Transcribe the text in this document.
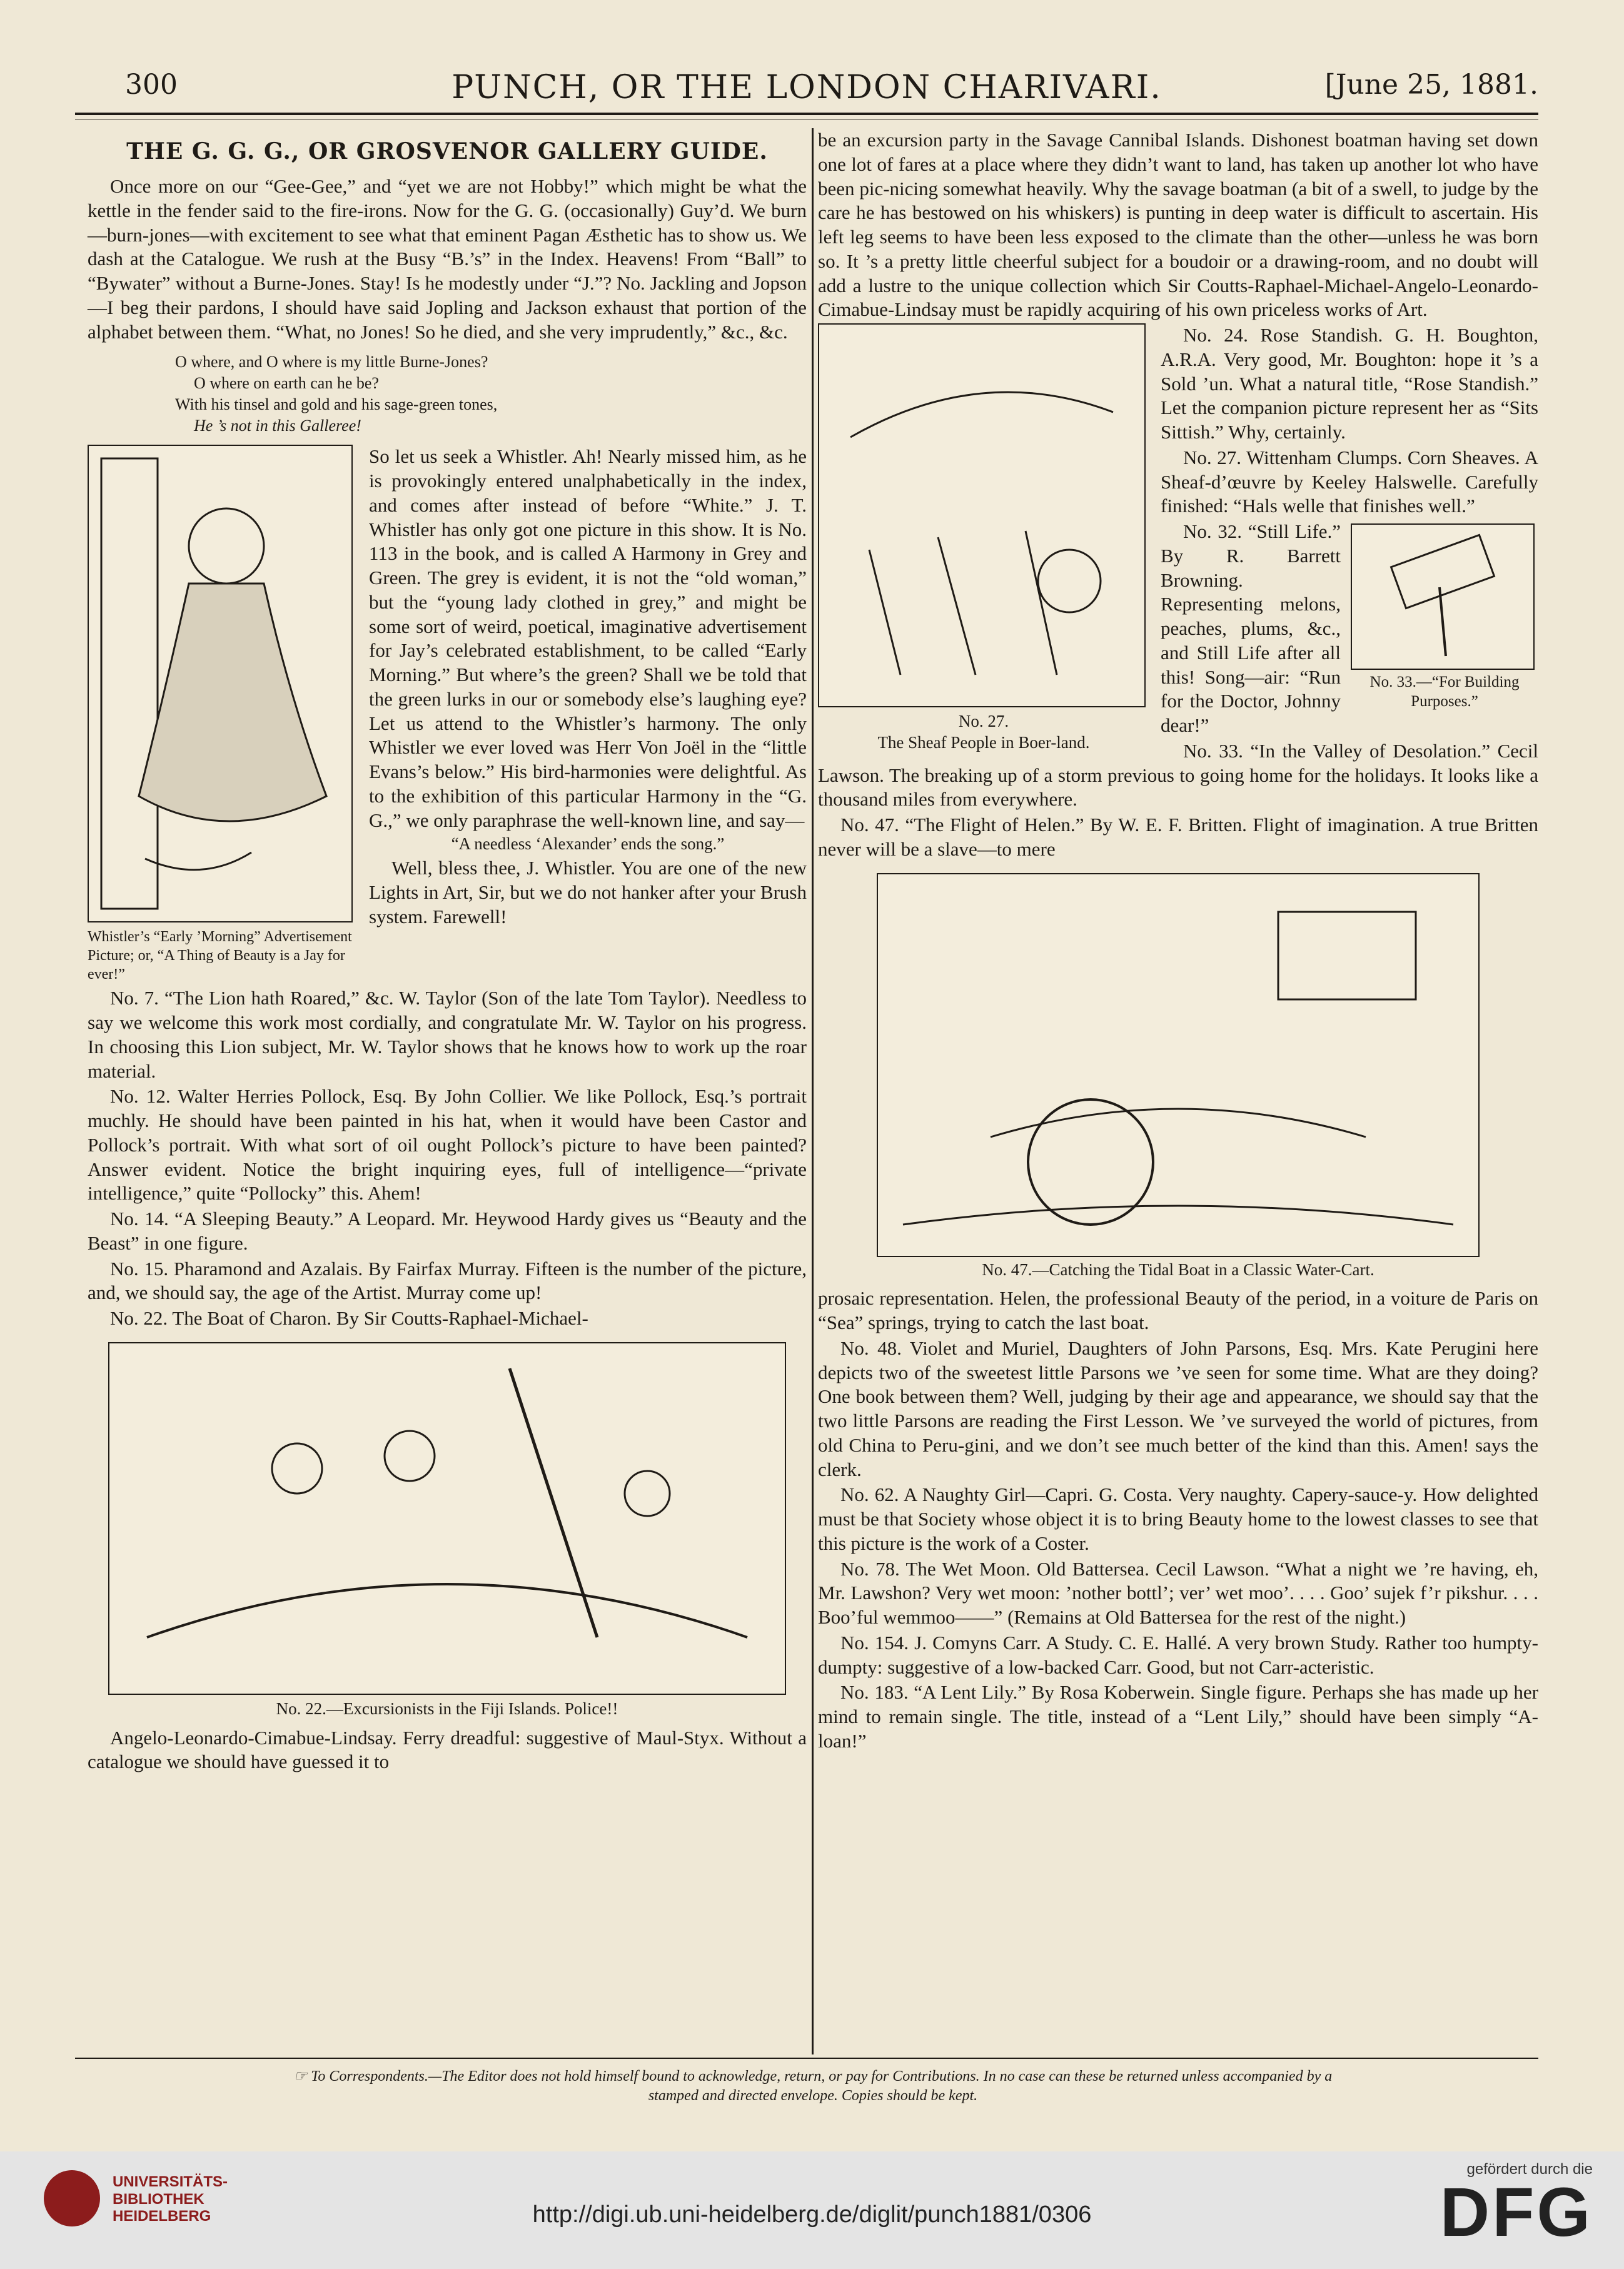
300	PUNCH, OR THE LONDON CHARIVARI.	[June 25, 1881.
THE G. G. G., OR GROSVENOR GALLERY GUIDE.

Once more on our “Gee-Gee,” and “yet we are not Hobby!” which might be what the kettle in the fender said to the fire-irons. Now for the G. G. (occasionally) Guy’d. We burn—burn-jones—with excitement to see what that eminent Pagan Æsthetic has to show us. We dash at the Catalogue. We rush at the Busy “B.’s” in the Index. Heavens! From “Ball” to “Bywater” without a Burne-Jones. Stay! Is he modestly under “J.”? No. Jackling and Jopson—I beg their pardons, I should have said Jopling and Jackson exhaust that portion of the alphabet between them. “What, no Jones! So he died, and she very imprudently,” &c., &c.

O where, and O where is my little Burne-Jones?
O where on earth can he be?
With his tinsel and gold and his sage-green tones,
He ’s not in this Galleree!
Whistler’s “Early ’Morning” Advertisement Picture; or, “A Thing of Beauty is a Jay for ever!”

So let us seek a Whistler. Ah! Nearly missed him, as he is provokingly entered unalphabetically in the index, and comes after instead of before “White.” J. T. Whistler has only got one picture in this show. It is No. 113 in the book, and is called A Harmony in Grey and Green. The grey is evident, it is not the “old woman,” but the “young lady clothed in grey,” and might be some sort of weird, poetical, imaginative advertisement for Jay’s celebrated establishment, to be called “Early Morning.” But where’s the green? Shall we be told that the green lurks in our or somebody else’s laughing eye? Let us attend to the Whistler’s harmony. The only Whistler we ever loved was Herr Von Joël in the “little Evans’s below.” His bird-harmonies were delightful. As to the exhibition of this particular Harmony in the “G. G.,” we only paraphrase the well-known line, and say—

“A needless ‘Alexander’ ends the song.”

Well, bless thee, J. Whistler. You are one of the new Lights in Art, Sir, but we do not hanker after your Brush system. Farewell!

No. 7. “The Lion hath Roared,” &c. W. Taylor (Son of the late Tom Taylor). Needless to say we welcome this work most cordially, and congratulate Mr. W. Taylor on his progress. In choosing this Lion subject, Mr. W. Taylor shows that he knows how to work up the roar material.

No. 12. Walter Herries Pollock, Esq. By John Collier. We like Pollock, Esq.’s portrait muchly. He should have been painted in his hat, when it would have been Castor and Pollock’s portrait. With what sort of oil ought Pollock’s picture to have been painted? Answer evident. Notice the bright inquiring eyes, full of intelligence—“private intelligence,” quite “Pollocky” this. Ahem!

No. 14. “A Sleeping Beauty.” A Leopard. Mr. Heywood Hardy gives us “Beauty and the Beast” in one figure.

No. 15. Pharamond and Azalais. By Fairfax Murray. Fifteen is the number of the picture, and, we should say, the age of the Artist. Murray come up!

No. 22. The Boat of Charon. By Sir Coutts-Raphael-Michael-

No. 22.—Excursionists in the Fiji Islands. Police!!

Angelo-Leonardo-Cimabue-Lindsay. Ferry dreadful: suggestive of Maul-Styx. Without a catalogue we should have guessed it to

be an excursion party in the Savage Cannibal Islands. Dishonest boatman having set down one lot of fares at a place where they didn’t want to land, has taken up another lot who have been pic-nicing somewhat heavily. Why the savage boatman (a bit of a swell, to judge by the care he has bestowed on his whiskers) is punting in deep water is difficult to ascertain. His left leg seems to have been less exposed to the climate than the other—unless he was born so. It ’s a pretty little cheerful subject for a boudoir or a drawing-room, and no doubt will add a lustre to the unique collection which Sir Coutts-Raphael-Michael-Angelo-Leonardo-Cimabue-Lindsay must be rapidly acquiring of his own priceless works of Art.

No. 27.
The Sheaf People in Boer-land.

No. 24. Rose Standish. G. H. Boughton, A.R.A. Very good, Mr. Boughton: hope it ’s a Sold ’un. What a natural title, “Rose Standish.” Let the companion picture represent her as “Sits Sittish.” Why, certainly.

No. 27. Wittenham Clumps. Corn Sheaves. A Sheaf-d’œuvre by Keeley Halswelle. Carefully finished: “Hals welle that finishes well.”

No. 33.—“For Building Purposes.”

No. 32. “Still Life.” By R. Barrett Browning. Representing melons, peaches, plums, &c., and Still Life after all this! Song—air: “Run for the Doctor, Johnny dear!”

No. 33. “In the Valley of Desolation.” Cecil Lawson. The breaking up of a storm previous to going home for the holidays. It looks like a thousand miles from everywhere.

No. 47. “The Flight of Helen.” By W. E. F. Britten. Flight of imagination. A true Britten never will be a slave—to mere

No. 47.—Catching the Tidal Boat in a Classic Water-Cart.

prosaic representation. Helen, the professional Beauty of the period, in a voiture de Paris on “Sea” springs, trying to catch the last boat.

No. 48. Violet and Muriel, Daughters of John Parsons, Esq. Mrs. Kate Perugini here depicts two of the sweetest little Parsons we ’ve seen for some time. What are they doing? One book between them? Well, judging by their age and appearance, we should say that the two little Parsons are reading the First Lesson. We ’ve surveyed the world of pictures, from old China to Peru-gini, and we don’t see much better of the kind than this. Amen! says the clerk.

No. 62. A Naughty Girl—Capri. G. Costa. Very naughty. Capery-sauce-y. How delighted must be that Society whose object it is to bring Beauty home to the lowest classes to see that this picture is the work of a Coster.

No. 78. The Wet Moon. Old Battersea. Cecil Lawson. “What a night we ’re having, eh, Mr. Lawshon? Very wet moon: ’nother bottl’; ver’ wet moo’. . . . Goo’ sujek f’r pikshur. . . . Boo’ful wemmoo——” (Remains at Old Battersea for the rest of the night.)

No. 154. J. Comyns Carr. A Study. C. E. Hallé. A very brown Study. Rather too humpty-dumpty: suggestive of a low-backed Carr. Good, but not Carr-acteristic.

No. 183. “A Lent Lily.” By Rosa Koberwein. Single figure. Perhaps she has made up her mind to remain single. The title, instead of a “Lent Lily,” should have been simply “A-loan!”

☞ To Correspondents.—The Editor does not hold himself bound to acknowledge, return, or pay for Contributions. In no case can these be returned unless accompanied by a
stamped and directed envelope. Copies should be kept.
UNIVERSITÄTS-
BIBLIOTHEK
HEIDELBERG	http://digi.ub.uni-heidelberg.de/diglit/punch1881/0306
gefördert durch die
DFG
